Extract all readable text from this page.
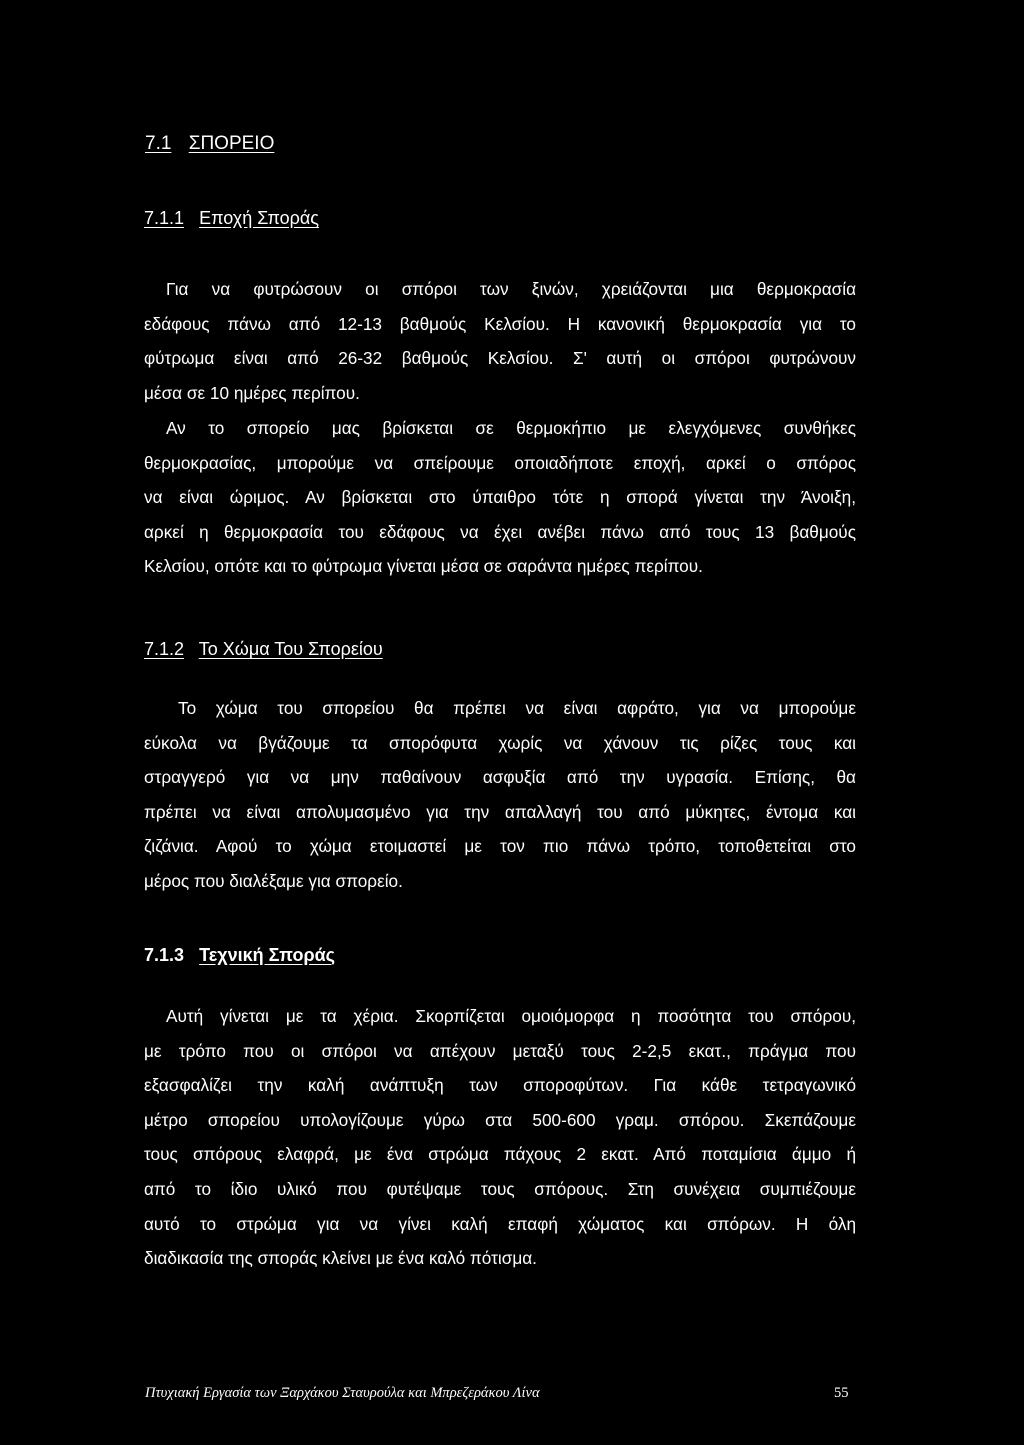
7.1 ΣΠΟΡΕΙΟ
7.1.1 Εποχή Σποράς
Για να φυτρώσουν οι σπόροι των ξινών, χρειάζονται μια θερμοκρασία
εδάφους πάνω από 12-13 βαθμούς Κελσίου. Η κανονική θερμοκρασία για το
φύτρωμα είναι από 26-32 βαθμούς Κελσίου. Σ' αυτή οι σπόροι φυτρώνουν
μέσα σε 10 ημέρες περίπου.
Αν το σπορείο μας βρίσκεται σε θερμοκήπιο με ελεγχόμενες συνθήκες
θερμοκρασίας, μπορούμε να σπείρουμε οποιαδήποτε εποχή, αρκεί ο σπόρος
να είναι ώριμος. Αν βρίσκεται στο ύπαιθρο τότε η σπορά γίνεται την Άνοιξη,
αρκεί η θερμοκρασία του εδάφους να έχει ανέβει πάνω από τους 13 βαθμούς
Κελσίου, οπότε και το φύτρωμα γίνεται μέσα σε σαράντα ημέρες περίπου.
7.1.2 Το Χώμα Του Σπορείου
Το χώμα του σπορείου θα πρέπει να είναι αφράτο, για να μπορούμε
εύκολα να βγάζουμε τα σπορόφυτα χωρίς να χάνουν τις ρίζες τους και
στραγγερό για να μην παθαίνουν ασφυξία από την υγρασία. Επίσης, θα
πρέπει να είναι απολυμασμένο για την απαλλαγή του από μύκητες, έντομα και
ζιζάνια. Αφού το χώμα ετοιμαστεί με τον πιο πάνω τρόπο, τοποθετείται στο
μέρος που διαλέξαμε για σπορείο.
7.1.3 Τεχνική Σποράς
Αυτή γίνεται με τα χέρια. Σκορπίζεται ομοιόμορφα η ποσότητα του σπόρου,
με τρόπο που οι σπόροι να απέχουν μεταξύ τους 2-2,5 εκατ., πράγμα που
εξασφαλίζει την καλή ανάπτυξη των σποροφύτων. Για κάθε τετραγωνικό
μέτρο σπορείου υπολογίζουμε γύρω στα 500-600 γραμ. σπόρου. Σκεπάζουμε
τους σπόρους ελαφρά, με ένα στρώμα πάχους 2 εκατ. Από ποταμίσια άμμο ή
από το ίδιο υλικό που φυτέψαμε τους σπόρους. Στη συνέχεια συμπιέζουμε
αυτό το στρώμα για να γίνει καλή επαφή χώματος και σπόρων. Η όλη
διαδικασία της σποράς κλείνει με ένα καλό πότισμα.
Πτυχιακή Εργασία των Ξαρχάκου Σταυρούλα και Μπρεζεράκου Λίνα	55
